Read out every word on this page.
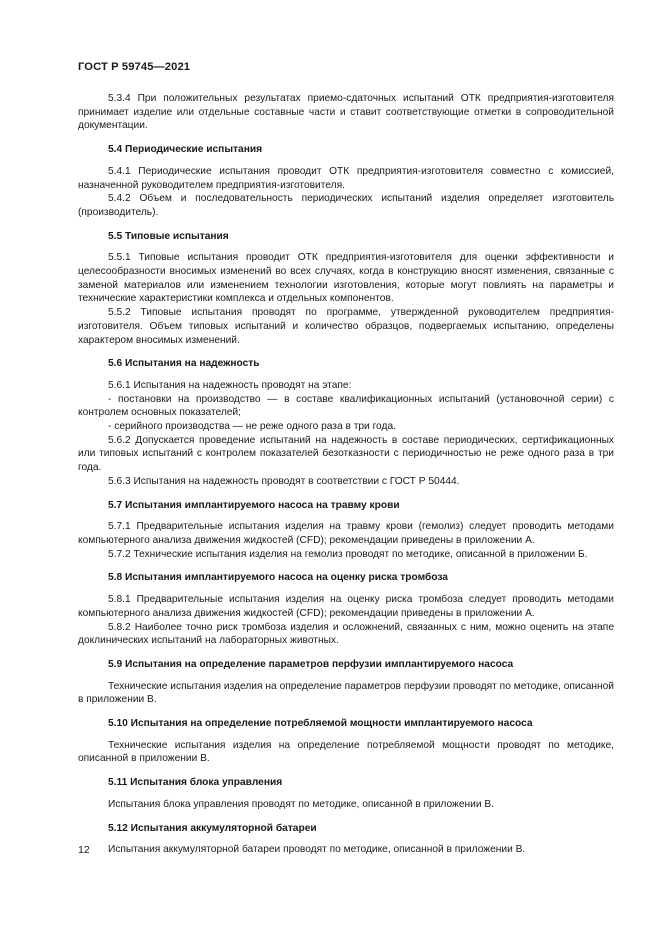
ГОСТ Р 59745—2021

5.3.4 При положительных результатах приемо-сдаточных испытаний ОТК предприятия-изготовителя принимает изделие или отдельные составные части и ставит соответствующие отметки в сопроводительной документации.

5.4 Периодические испытания

5.4.1 Периодические испытания проводит ОТК предприятия-изготовителя совместно с комиссией, назначенной руководителем предприятия-изготовителя.

5.4.2 Объем и последовательность периодических испытаний изделия определяет изготовитель (производитель).

5.5 Типовые испытания

5.5.1 Типовые испытания проводит ОТК предприятия-изготовителя для оценки эффективности и целесообразности вносимых изменений во всех случаях, когда в конструкцию вносят изменения, связанные с заменой материалов или изменением технологии изготовления, которые могут повлиять на параметры и технические характеристики комплекса и отдельных компонентов.

5.5.2 Типовые испытания проводят по программе, утвержденной руководителем предприятия-изготовителя. Объем типовых испытаний и количество образцов, подвергаемых испытанию, определены характером вносимых изменений.

5.6 Испытания на надежность

5.6.1 Испытания на надежность проводят на этапе:

- постановки на производство — в составе квалификационных испытаний (установочной серии) с контролем основных показателей;

- серийного производства — не реже одного раза в три года.

5.6.2 Допускается проведение испытаний на надежность в составе периодических, сертификационных или типовых испытаний с контролем показателей безотказности с периодичностью не реже одного раза в три года.

5.6.3 Испытания на надежность проводят в соответствии с ГОСТ Р 50444.

5.7 Испытания имплантируемого насоса на травму крови

5.7.1 Предварительные испытания изделия на травму крови (гемолиз) следует проводить методами компьютерного анализа движения жидкостей (CFD); рекомендации приведены в приложении А.

5.7.2 Технические испытания изделия на гемолиз проводят по методике, описанной в приложении Б.

5.8 Испытания имплантируемого насоса на оценку риска тромбоза

5.8.1 Предварительные испытания изделия на оценку риска тромбоза следует проводить методами компьютерного анализа движения жидкостей (CFD); рекомендации приведены в приложении А.

5.8.2 Наиболее точно риск тромбоза изделия и осложнений, связанных с ним, можно оценить на этапе доклинических испытаний на лабораторных животных.

5.9 Испытания на определение параметров перфузии имплантируемого насоса

Технические испытания изделия на определение параметров перфузии проводят по методике, описанной в приложении В.

5.10 Испытания на определение потребляемой мощности имплантируемого насоса

Технические испытания изделия на определение потребляемой мощности проводят по методике, описанной в приложении В.

5.11 Испытания блока управления

Испытания блока управления проводят по методике, описанной в приложении В.

5.12 Испытания аккумуляторной батареи

Испытания аккумуляторной батареи проводят по методике, описанной в приложении В.

12
